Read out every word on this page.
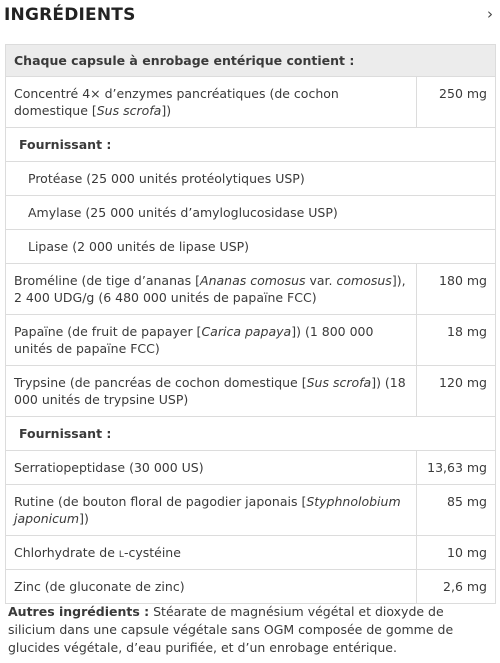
INGRÉDIENTS	›
Chaque capsule à enrobage entérique contient :	
Concentré 4× d’enzymes pancréatiques (de cochon domestique [Sus scrofa])	250 mg
Fournissant :	
Protéase (25 000 unités protéolytiques USP)	
Amylase (25 000 unités d’amyloglucosidase USP)	
Lipase (2 000 unités de lipase USP)	
Broméline (de tige d’ananas [Ananas comosus var. comosus]), 2 400 UDG/g (6 480 000 unités de papaïne FCC)	180 mg
Papaïne (de fruit de papayer [Carica papaya]) (1 800 000 unités de papaïne FCC)	18 mg
Trypsine (de pancréas de cochon domestique [Sus scrofa]) (18 000 unités de trypsine USP)	120 mg
Fournissant :	
Serratiopeptidase (30 000 US)	13,63 mg
Rutine (de bouton floral de pagodier japonais [Styphnolobium japonicum])	85 mg
Chlorhydrate de l-cystéine	10 mg
Zinc (de gluconate de zinc)	2,6 mg
Autres ingrédients : Stéarate de magnésium végétal et dioxyde de silicium dans une capsule végétale sans OGM composée de gomme de glucides végétale, d’eau purifiée, et d’un enrobage entérique.
